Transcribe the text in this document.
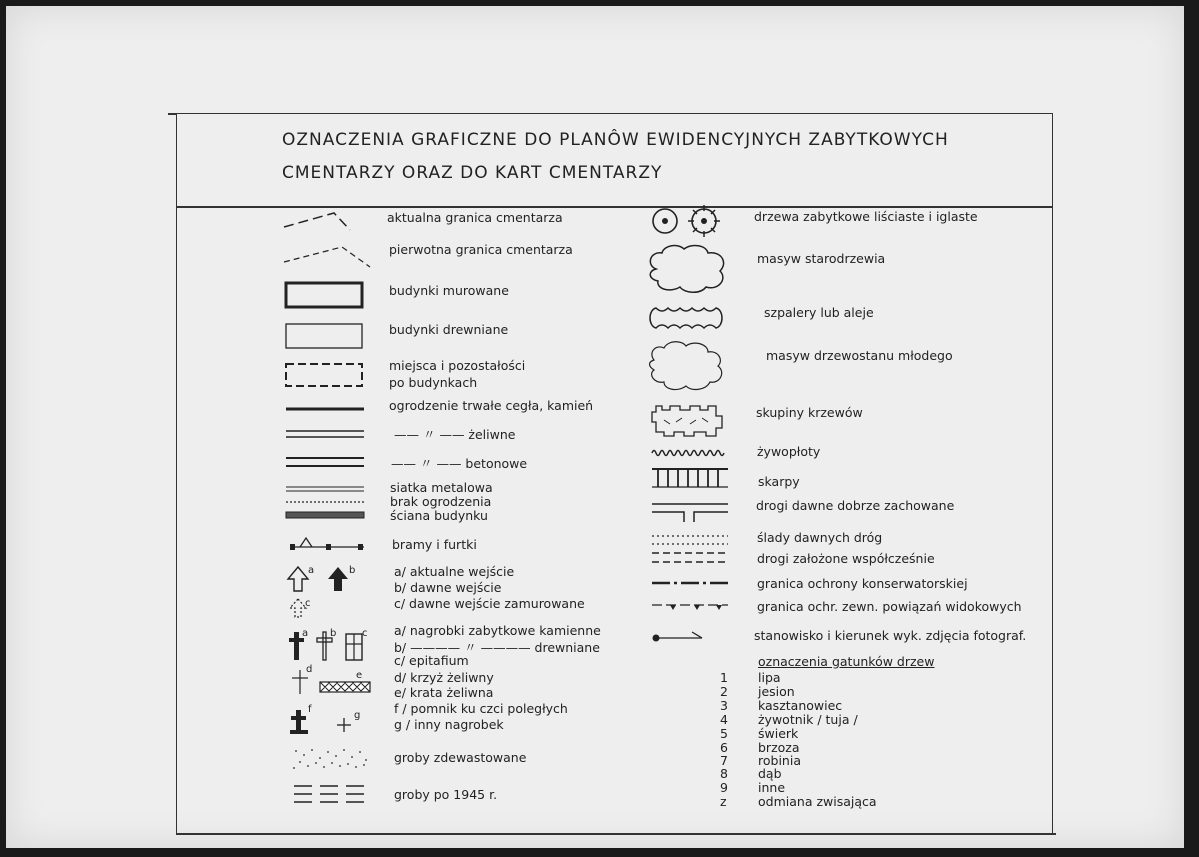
OZNACZENIA GRAFICZNE DO PLANÔW EWIDENCYJNYCH ZABYTKOWYCH
CMENTARZY ORAZ DO KART CMENTARZY
a	b
c
a b	c
d
e
f
g
aktualna granica cmentarza
pierwotna granica cmentarza
budynki murowane
budynki drewniane
miejsca i pozostałości
po budynkach
ogrodzenie trwałe cegła, kamień
—— 〃 —— żeliwne
—— 〃 —— betonowe
siatka metalowa
brak ogrodzenia
ściana budynku
bramy i furtki
a/ aktualne wejście
b/ dawne wejście
c/ dawne wejście zamurowane
a/ nagrobki zabytkowe kamienne
b/ ———— 〃 ———— drewniane
c/ epitafium
d/ krzyż żeliwny
e/ krata żeliwna
f / pomnik ku czci poległych
g / inny nagrobek
groby zdewastowane
groby po 1945 r.
drzewa zabytkowe liściaste i iglaste
masyw starodrzewia
szpalery lub aleje
masyw drzewostanu młodego
skupiny krzewów
żywopłoty
skarpy
drogi dawne dobrze zachowane
ślady dawnych dróg
drogi założone współcześnie
granica ochrony konserwatorskiej
granica ochr. zewn. powiązań widokowych
stanowisko i kierunek wyk. zdjęcia fotograf.
oznaczenia gatunków drzew
1 lipa
2 jesion
3 kasztanowiec
4 żywotnik / tuja /
5 świerk
6 brzoza
7 robinia
8 dąb
9 inne
z	odmiana zwisająca
